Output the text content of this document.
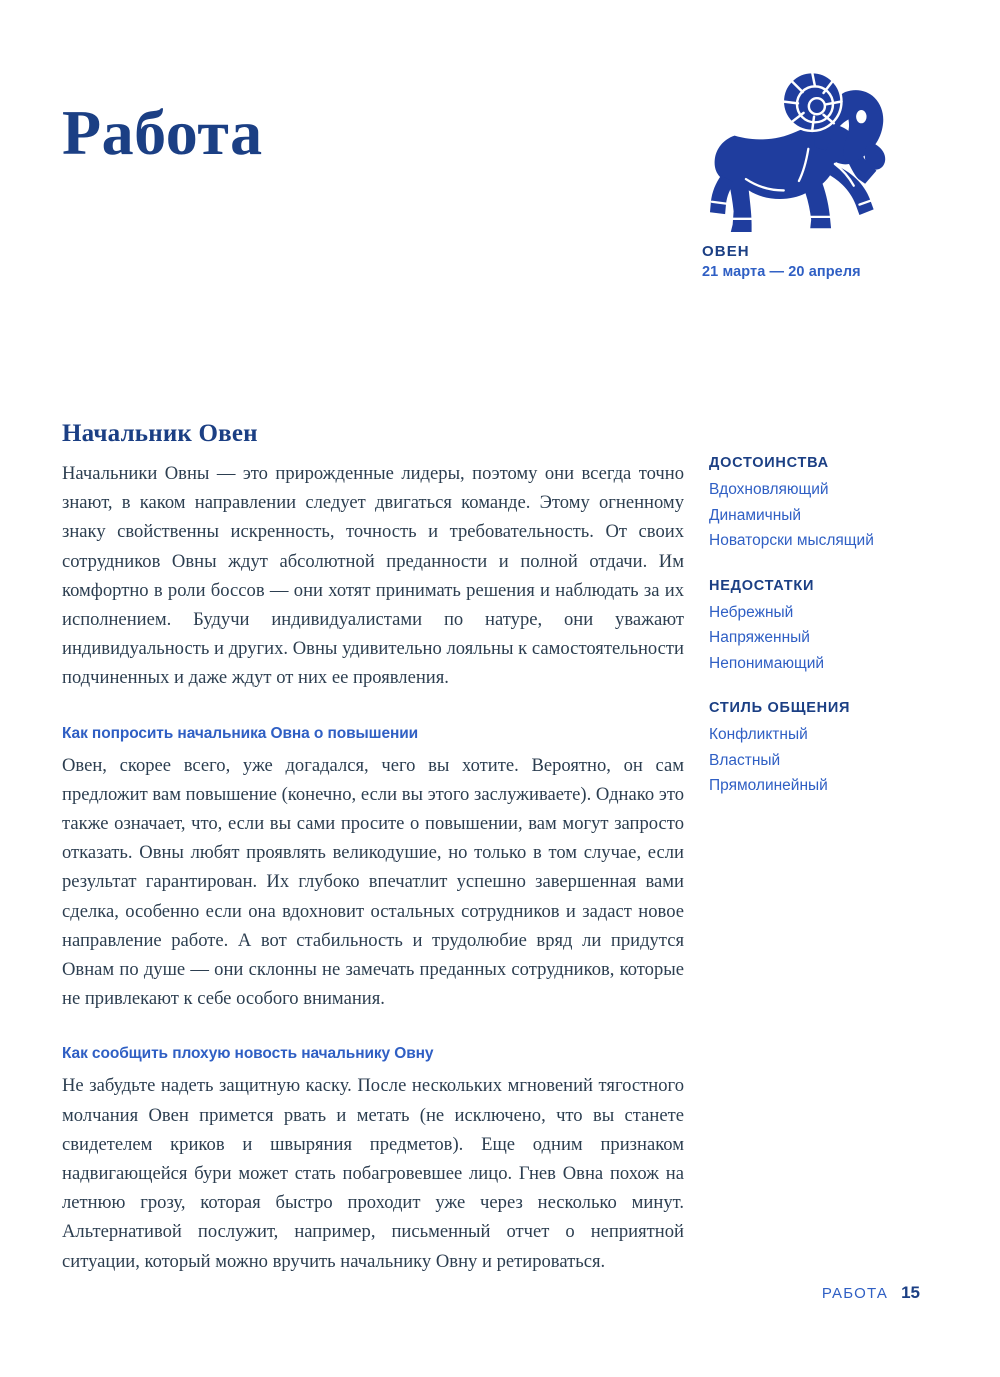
Работа
ОВЕН
21 марта — 20 апреля
Начальник Овен

Начальники Овны — это прирожденные лидеры, поэтому они всегда точно знают, в каком направлении следует двигаться команде. Этому огненному знаку свойственны искренность, точность и требовательность. От своих сотрудников Овны ждут абсолютной преданности и полной отдачи. Им комфортно в роли боссов — они хотят принимать решения и наблюдать за их исполнением. Будучи индивидуалистами по натуре, они уважают индивидуальность и других. Овны удивительно лояльны к самостоятельности подчиненных и даже ждут от них ее проявления.

Как попросить начальника Овна о повышении

Овен, скорее всего, уже догадался, чего вы хотите. Вероятно, он сам предложит вам повышение (конечно, если вы этого заслуживаете). Однако это также означает, что, если вы сами просите о повышении, вам могут запросто отказать. Овны любят проявлять великодушие, но только в том случае, если результат гарантирован. Их глубоко впечатлит успешно завершенная вами сделка, особенно если она вдохновит остальных сотрудников и задаст новое направление работе. А вот стабильность и трудолюбие вряд ли придутся Овнам по душе — они склонны не замечать преданных сотрудников, которые не привлекают к себе особого внимания.

Как сообщить плохую новость начальнику Овну

Не забудьте надеть защитную каску. После нескольких мгновений тягостного молчания Овен примется рвать и метать (не исключено, что вы станете свидетелем криков и швыряния предметов). Еще одним признаком надвигающейся бури может стать побагровевшее лицо. Гнев Овна похож на летнюю грозу, которая быстро проходит уже через несколько минут. Альтернативой послужит, например, письменный отчет о неприятной ситуации, который можно вручить начальнику Овну и ретироваться.

ДОСТОИНСТВА
Вдохновляющий
Динамичный
Новаторски мыслящий
НЕДОСТАТКИ
Небрежный
Напряженный
Непонимающий
СТИЛЬ ОБЩЕНИЯ
Конфликтный
Властный
Прямолинейный
РАБОТА 15
